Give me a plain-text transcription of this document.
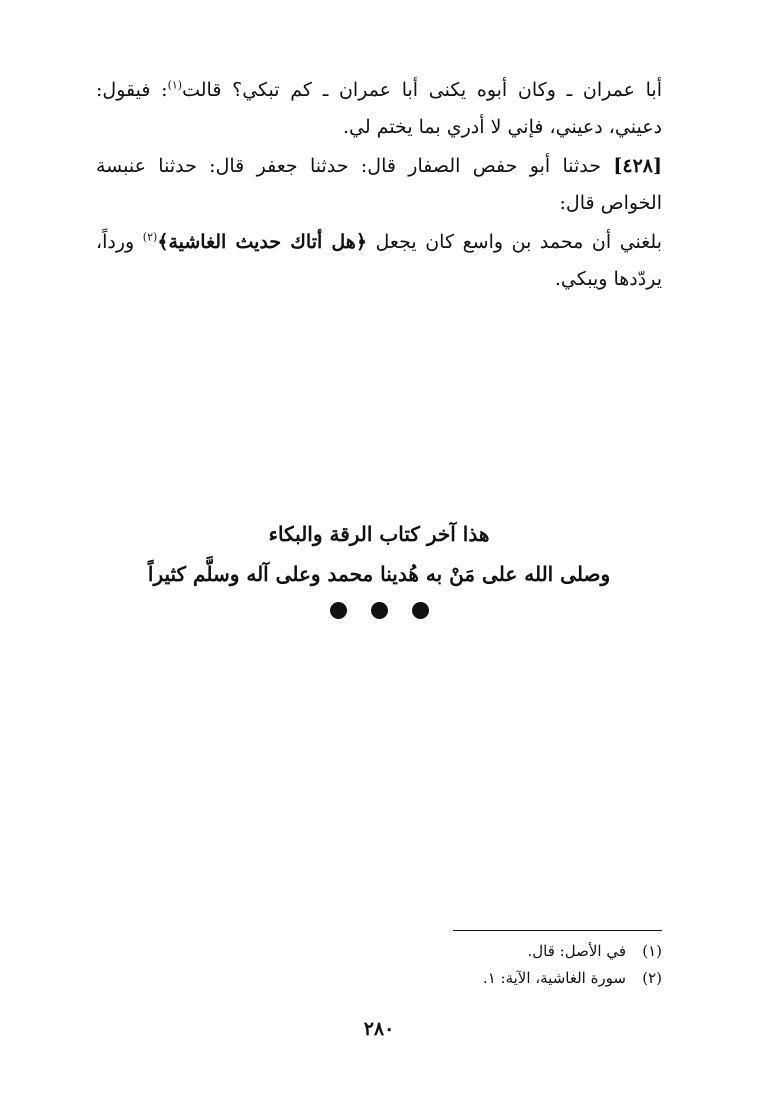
أبا عمران ـ وكان أبوه يكنى أبا عمران ـ كم تبكي؟ قالت$^{(١)}$: فيقول: دعيني، دعيني، فإني لا أدري بما يختم لي.
[٤٢٨] حدثنا أبو حفص الصفار قال: حدثنا جعفر قال: حدثنا عنبسة الخواص قال:
بلغني أن محمد بن واسع كان يجعل ﴿هل أتاك حديث الغاشية﴾$^{(٢)}$ ورداً، يردّدها ويبكي.
هذا آخر كتاب الرقة والبكاء
وصلى الله على مَنْ به هُدينا محمد وعلى آله وسلَّم كثيراً
(١)
في الأصل: قال.
(٢)
سورة الغاشية، الآية: ١.
٢٨٠
